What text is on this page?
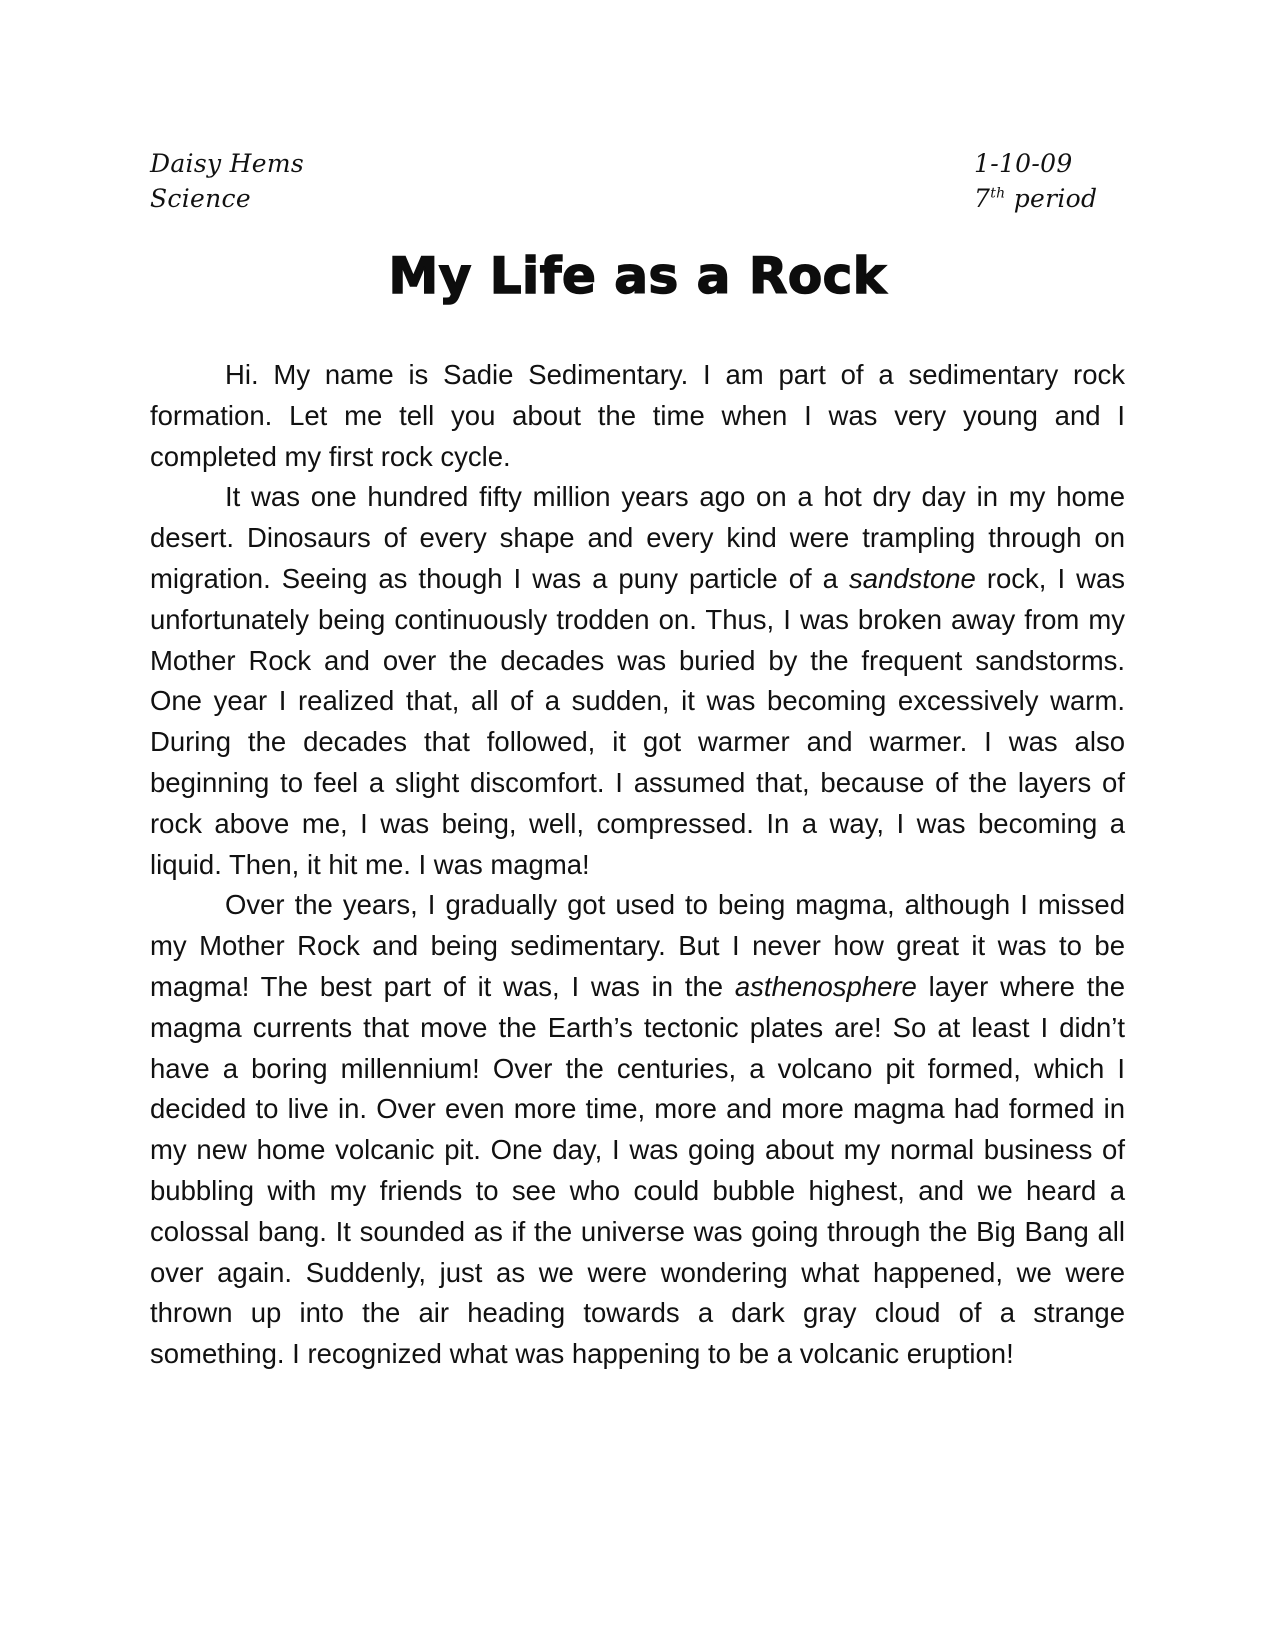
Daisy Hems
Science
1-10-09
7th period
My Life as a Rock

Hi. My name is Sadie Sedimentary. I am part of a sedimentary rock formation. Let me tell you about the time when I was very young and I completed my first rock cycle.

It was one hundred fifty million years ago on a hot dry day in my home desert. Dinosaurs of every shape and every kind were trampling through on migration. Seeing as though I was a puny particle of a sandstone rock, I was unfortunately being continuously trodden on. Thus, I was broken away from my Mother Rock and over the decades was buried by the frequent sandstorms. One year I realized that, all of a sudden, it was becoming excessively warm. During the decades that followed, it got warmer and warmer. I was also beginning to feel a slight discomfort. I assumed that, because of the layers of rock above me, I was being, well, compressed. In a way, I was becoming a liquid. Then, it hit me. I was magma!

Over the years, I gradually got used to being magma, although I missed my Mother Rock and being sedimentary. But I never how great it was to be magma! The best part of it was, I was in the asthenosphere layer where the magma currents that move the Earth’s tectonic plates are! So at least I didn’t have a boring millennium! Over the centuries, a volcano pit formed, which I decided to live in. Over even more time, more and more magma had formed in my new home volcanic pit. One day, I was going about my normal business of bubbling with my friends to see who could bubble highest, and we heard a colossal bang. It sounded as if the universe was going through the Big Bang all over again. Suddenly, just as we were wondering what happened, we were thrown up into the air heading towards a dark gray cloud of a strange something. I recognized what was happening to be a volcanic eruption!
